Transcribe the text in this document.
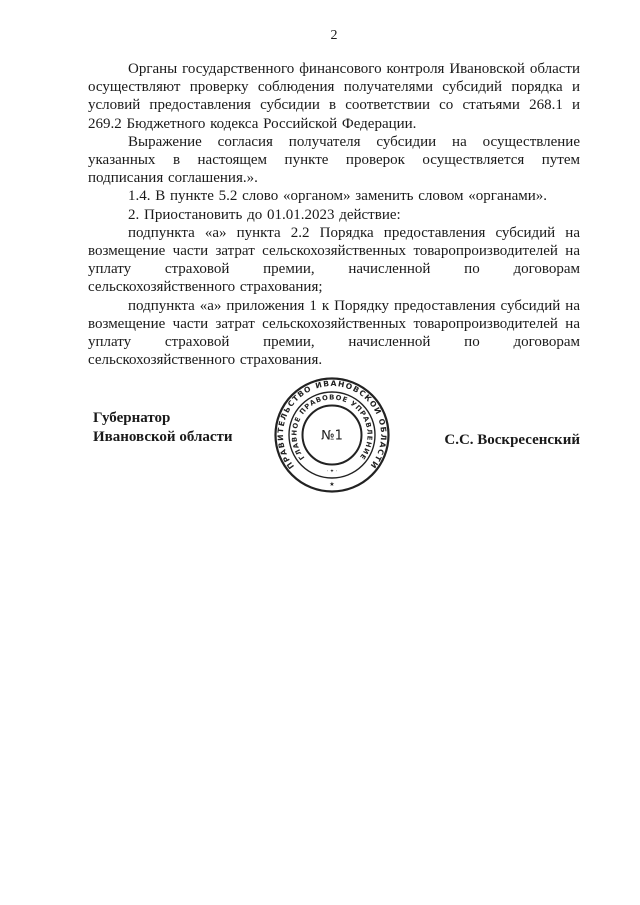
2

Органы государственного финансового контроля Ивановской области осуществляют проверку соблюдения получателями субсидий порядка и условий предоставления субсидии в соответствии со статьями 268.1 и 269.2 Бюджетного кодекса Российской Федерации.

Выражение согласия получателя субсидии на осуществление указанных в настоящем пункте проверок осуществляется путем подписания соглашения.».

1.4. В пункте 5.2 слово «органом» заменить словом «органами».

2. Приостановить до 01.01.2023 действие:

подпункта «а» пункта 2.2 Порядка предоставления субсидий на возмещение части затрат сельскохозяйственных товаропроизводителей на уплату страховой премии, начисленной по договорам сельскохозяйственного страхования;

подпункта «а» приложения 1 к Порядку предоставления субсидий на возмещение части затрат сельскохозяйственных товаропроизводителей на уплату страховой премии, начисленной по договорам сельскохозяйственного страхования.

Губернатор
Ивановской области
ПРАВИТЕЛЬСТВО ИВАНОВСКОЙ ОБЛАСТИ
ГЛАВНОЕ ПРАВОВОЕ УПРАВЛЕНИЕ
№1
★
· ✦ ·
С.С. Воскресенский
